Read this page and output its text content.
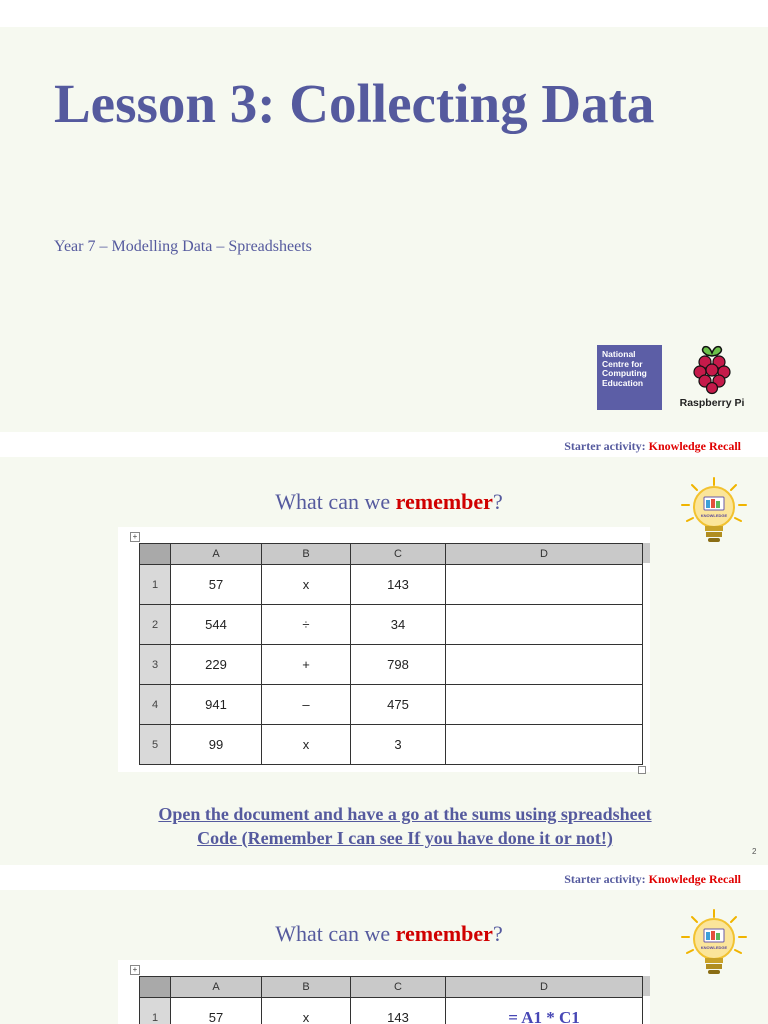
Lesson 3: Collecting Data
Year 7 – Modelling Data – Spreadsheets
National
Centre for
Computing
Education
Raspberry Pi
Starter activity: Knowledge Recall
What can we remember?
KNOWLEDGE
+
	A	B	C	D
1	57	x	143	
2	544	÷	34	
3	229	+	798	
4	941	–	475	
5	99	x	3	
Open the document and have a go at the sums using spreadsheet
Code (Remember I can see If you have done it or not!)
2
Starter activity: Knowledge Recall
What can we remember?
KNOWLEDGE
+
	A	B	C	D
1	57	x	143	= A1 * C1
